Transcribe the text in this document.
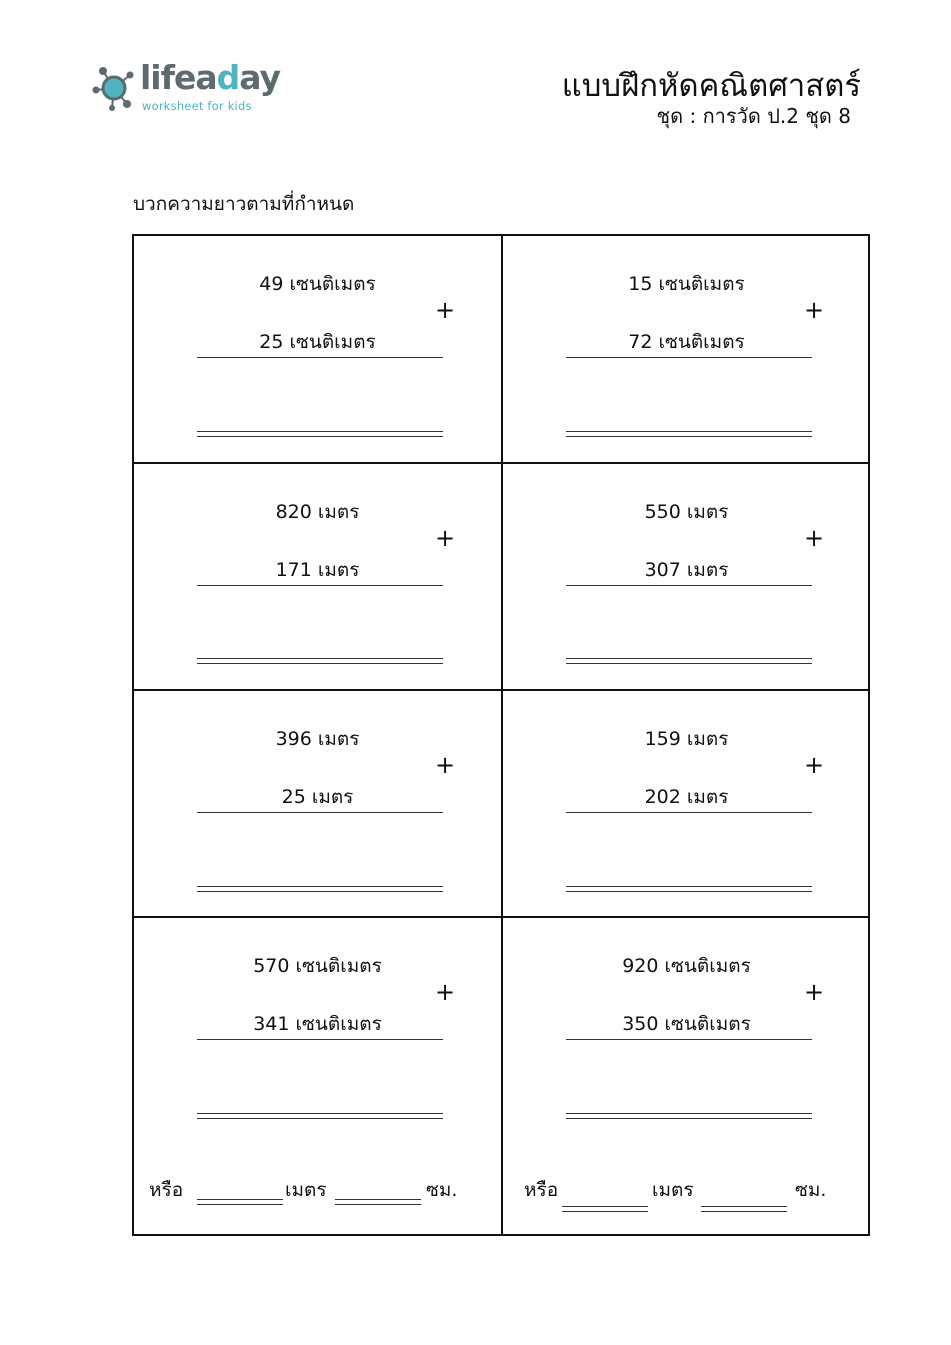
lifeaday
worksheet for kids
แบบฝึกหัดคณิตศาสตร์
ชุด : การวัด ป.2 ชุด 8
บวกความยาวตามที่กำหนด
49 เซนติเมตร
+
25 เซนติเมตร
15 เซนติเมตร
+
72 เซนติเมตร
820 เมตร
+
171 เมตร
550 เมตร
+
307 เมตร
396 เมตร
+
25 เมตร
159 เมตร
+
202 เมตร
570 เซนติเมตร
+
341 เซนติเมตร
หรือ	เมตร	ซม.
920 เซนติเมตร
+
350 เซนติเมตร
หรือ	เมตร	ซม.
